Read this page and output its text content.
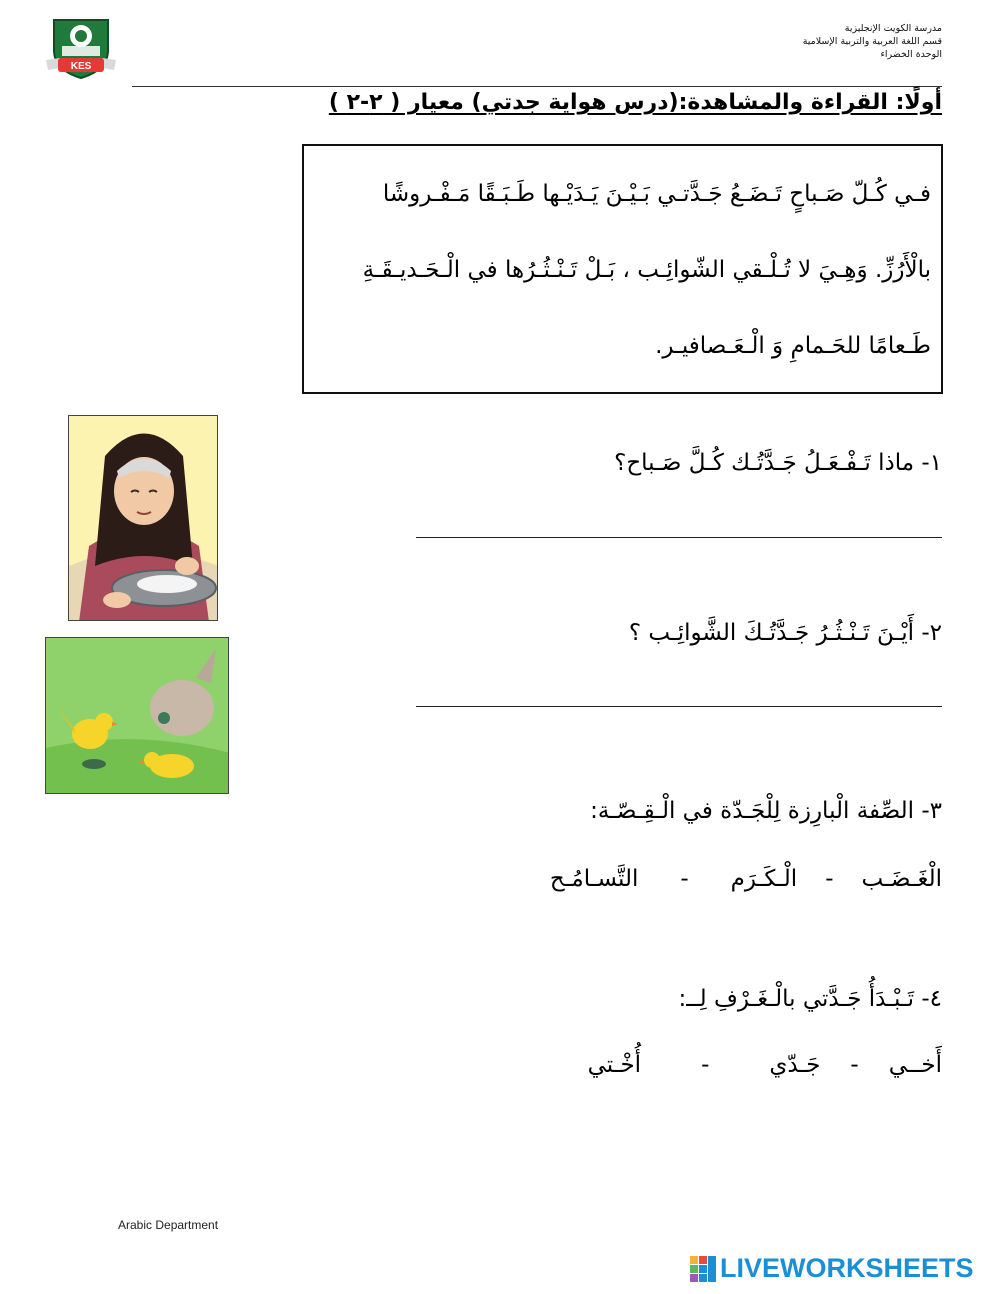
KES
مدرسة الكويت الإنجليزية
قسم اللغة العربية والتربية الإسلامية
الوحدة الخضراء
أولًا: القراءة والمشاهدة:(درس هواية جدتي) معيار ( ٢-٢ )
فـي كُـلّ صَـباحٍ تَـضَـعُ جَـدَّتـي بَـيْـنَ يَـدَيْـها طَـبَـقًا مَـفْـروشًا
بالْأَرُزِّ. وَهِـيَ لا تُـلْـقي الشّوائِـب ، بَـلْ تَـنْـثُـرُها في الْـحَـديـقَـةِ
طَـعامًا للحَـمامِ وَ الْـعَـصافيـر.
١- ماذا تَـفْـعَـلُ جَـدَّتُـك كُـلَّ صَـباح؟
٢- أَيْـنَ تَـنْـثُـرُ جَـدَّتُـكَ الشَّوائِـب ؟
٣- الصِّفة الْبارِزة لِلْجَـدّة في الْـقِـصّـة:
الْغَـضَـب
-
الْـكَـرَم
-
التَّسـامُـح
٤- تَـبْـدَأُ جَـدَّتي بالْـغَـرْفِ لِــ:
أَخــي
-
جَـدّي
-
أُخْـتي
Arabic Department
LIVEWORKSHEETS
